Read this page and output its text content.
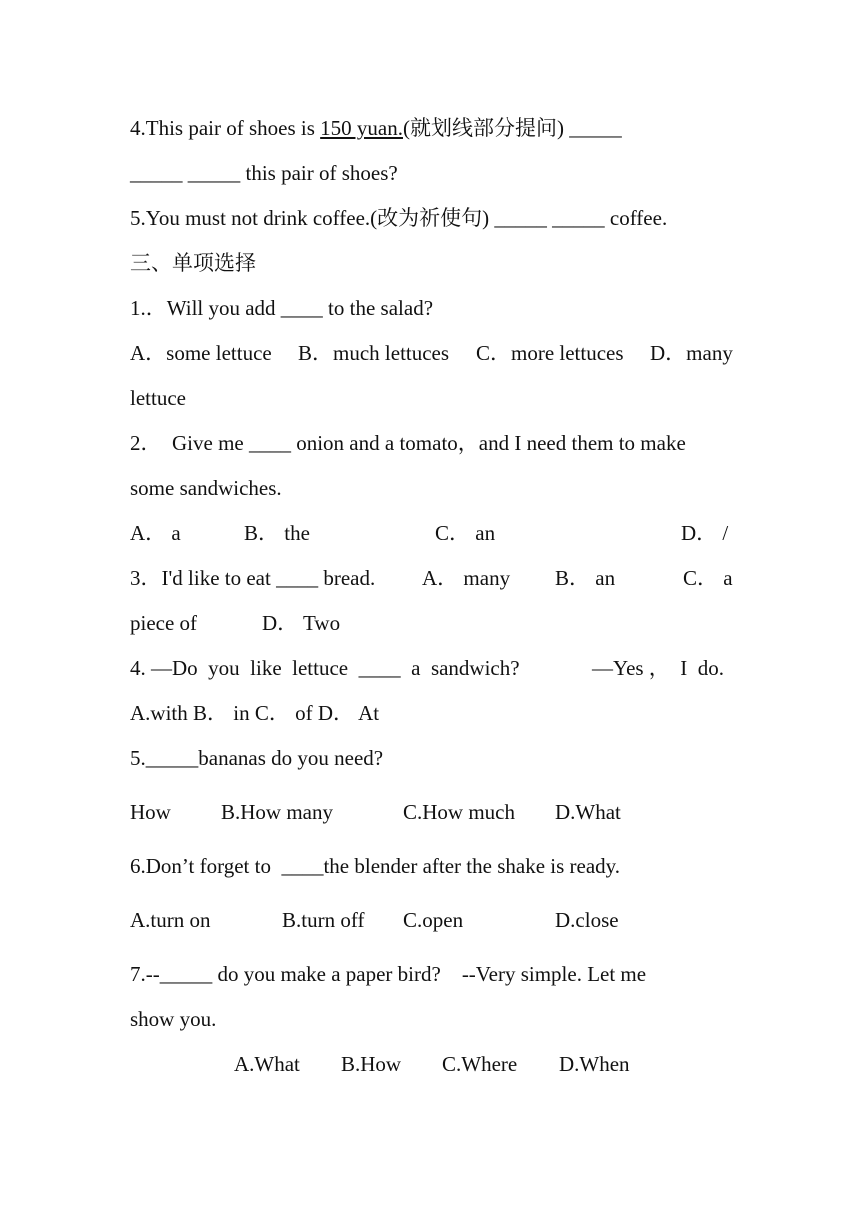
4.This pair of shoes is 150 yuan.(就划线部分提问) _____
_____ _____ this pair of shoes?
5.You must not drink coffee.(改为祈使句) _____ _____ coffee.
三、单项选择
1.．Will you add ____ to the salad?
A．some lettuce B．much lettuces C．more lettuces D．many
lettuce
2．  Give me ____ onion and a tomato，and I need them to make
some sandwiches.
A． a	B． the	C． an	D． /
3．I'd like to eat ____ bread. A． many B． an	C． a
piece of	D． Two
4. —Do  you  like  lettuce  ____  a  sandwich?	—Yes ，  I  do.
A.with B． in C． of D． At
5._____bananas do you need?
How B.How many	C.How much D.What
6.Don’t forget to  ____the blender after the shake is ready.
A.turn on	B.turn off C.open	D.close
7.--_____ do you make a paper bird?    --Very simple. Let me
show you.
A.What B.How C.Where D.When
